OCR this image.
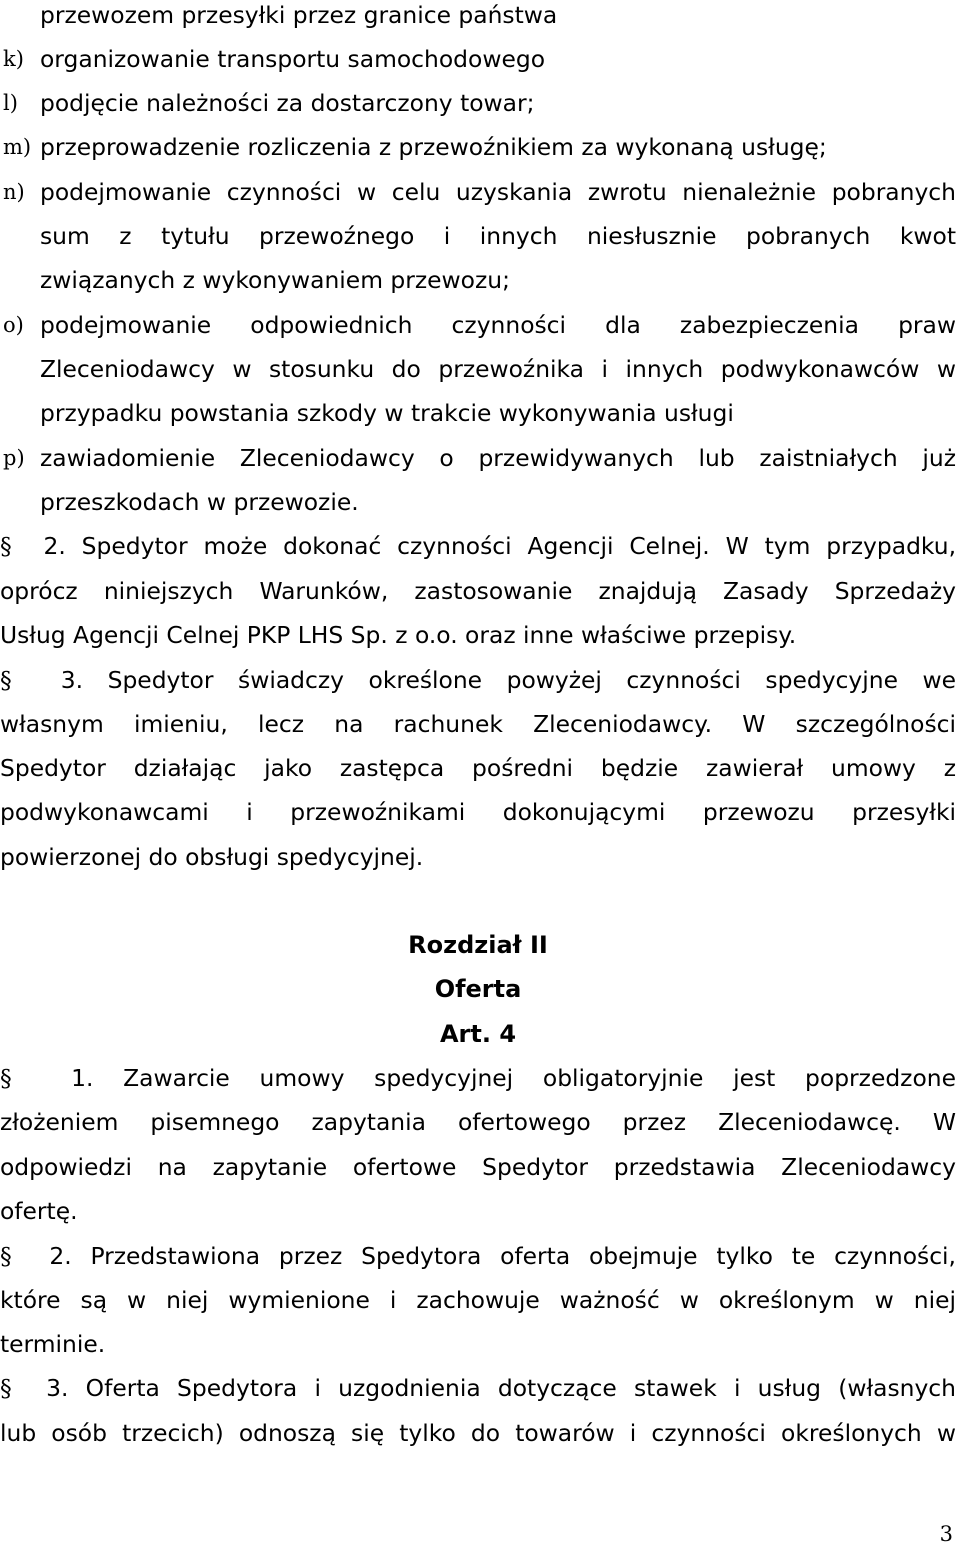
przewozem przesyłki przez granice państwa
k) organizowanie transportu samochodowego
l) podjęcie należności za dostarczony towar;
m) przeprowadzenie rozliczenia z przewoźnikiem za wykonaną usługę;
n) podejmowanie czynności w celu uzyskania zwrotu nienależnie pobranych
sum z tytułu przewoźnego i innych niesłusznie pobranych kwot
związanych z wykonywaniem przewozu;
o) podejmowanie odpowiednich czynności dla zabezpieczenia praw
Zleceniodawcy w stosunku do przewoźnika i innych podwykonawców w
przypadku powstania szkody w trakcie wykonywania usługi
p) zawiadomienie Zleceniodawcy o przewidywanych lub zaistniałych już
przeszkodach w przewozie.
§ 2. Spedytor może dokonać czynności Agencji Celnej. W tym przypadku,
oprócz niniejszych Warunków, zastosowanie znajdują Zasady Sprzedaży
Usług Agencji Celnej PKP LHS Sp. z o.o. oraz inne właściwe przepisy.
§ 3. Spedytor świadczy określone powyżej czynności spedycyjne we
własnym imieniu, lecz na rachunek Zleceniodawcy. W szczególności
Spedytor działając jako zastępca pośredni będzie zawierał umowy z
podwykonawcami i przewoźnikami dokonującymi przewozu przesyłki
powierzonej do obsługi spedycyjnej.
Rozdział II
Oferta
Art. 4
§	1. Zawarcie umowy spedycyjnej obligatoryjnie jest poprzedzone
złożeniem pisemnego zapytania ofertowego przez Zleceniodawcę. W
odpowiedzi na zapytanie ofertowe Spedytor przedstawia Zleceniodawcy
ofertę.
§ 2. Przedstawiona przez Spedytora oferta obejmuje tylko te czynności,
które są w niej wymienione i zachowuje ważność w określonym w niej
terminie.
§ 3. Oferta Spedytora i uzgodnienia dotyczące stawek i usług (własnych
lub osób trzecich) odnoszą się tylko do towarów i czynności określonych w
3
